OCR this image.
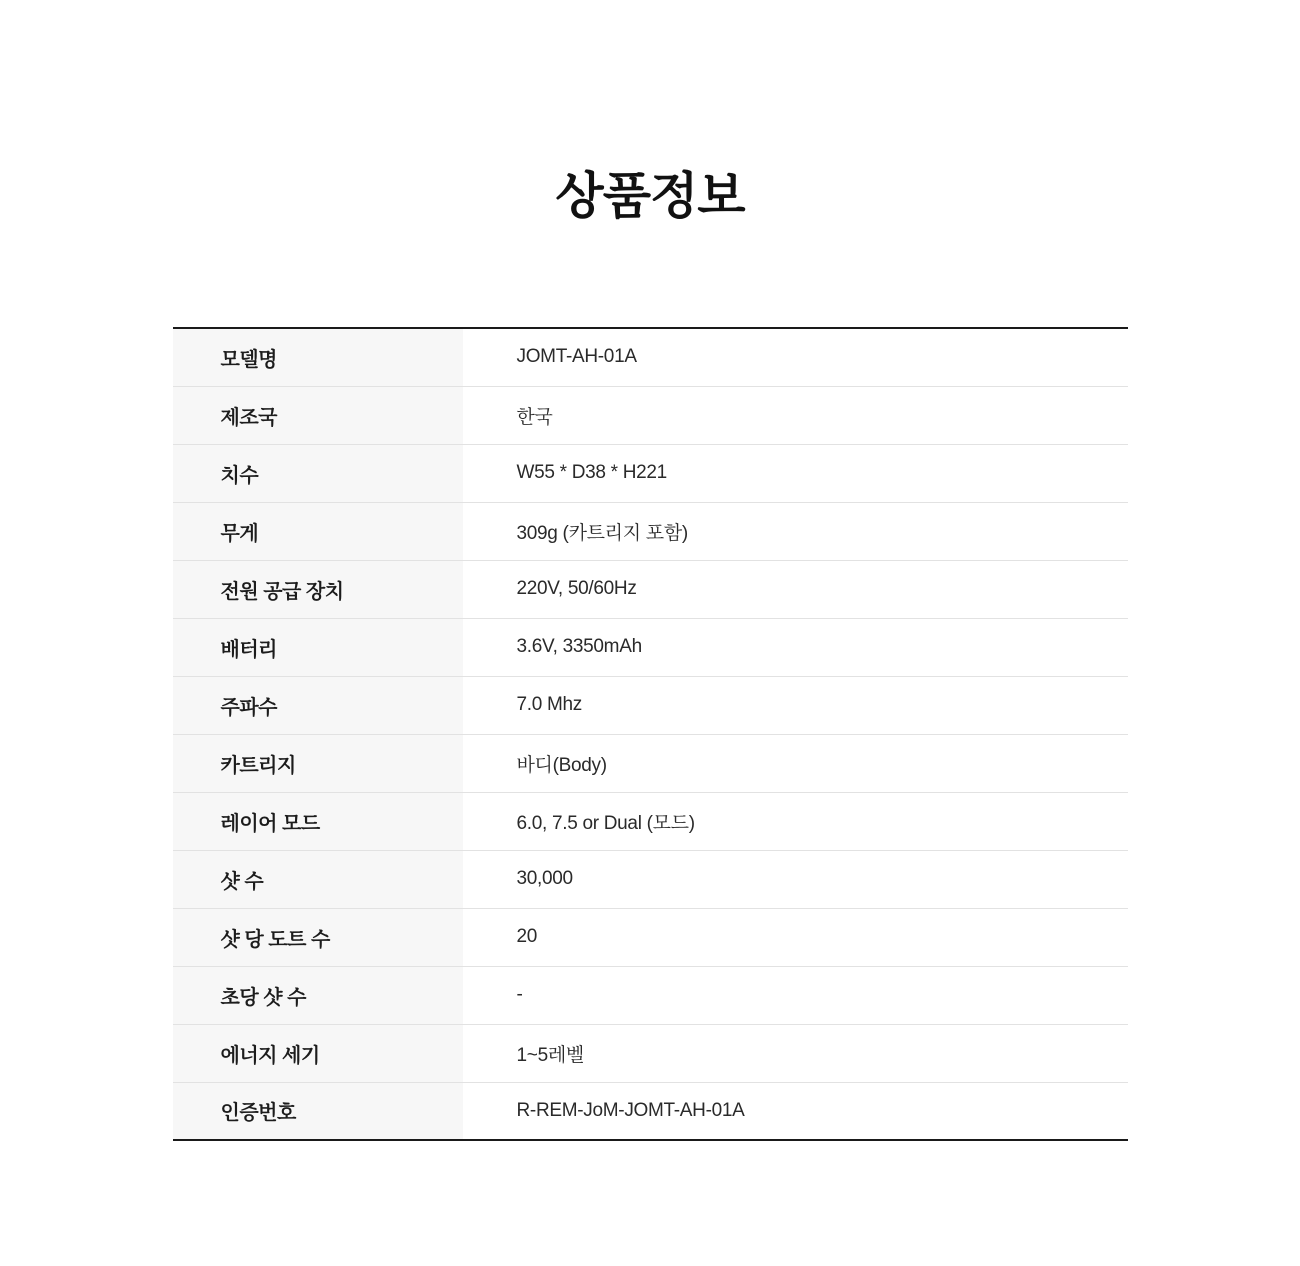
상품정보
모델명	JOMT-AH-01A
제조국	한국
치수	W55 * D38 * H221
무게	309g (카트리지 포함)
전원 공급 장치	220V, 50/60Hz
배터리	3.6V, 3350mAh
주파수	7.0 Mhz
카트리지	바디(Body)
레이어 모드	6.0, 7.5 or Dual (모드)
샷 수	30,000
샷 당 도트 수	20
초당 샷 수	-
에너지 세기	1~5레벨
인증번호	R-REM-JoM-JOMT-AH-01A
